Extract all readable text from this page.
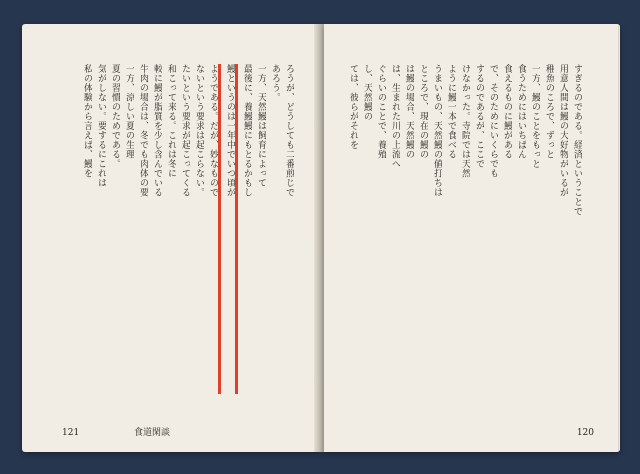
ろうが、どうしても二番煎じで
あろう。
一方、天然鰻は飼育によって
最後に、養鰻鰻にもとるかもし
鰻というのは一年中でいつ頃が
ようである。だが、妙なもので
ないという要求は起こらない。
たいという要求が起こってくる
和こって来る。これは冬に
較に鰻が脂質を少し含んでいる
牛肉の場合は、冬でも肉体の要
一方、涼しい夏の生理
夏の習慣のためである。
気がしない。要するにこれは
私の体験から言えば、鰻を
121	食道閑談
すぎるのである。経済ということで
用意人間は鰻の大好物がいるが
稚魚のころで、ずっと
一方、鰻のことをもっと
食うためにはいちばん
食えるものに鰻がある
で、そのためにいくらでも
するのであるが、ここで
けなかった。寺院では天然
ように鰻一本で食べる
うまいもの、天然鰻の値打ちは
ところで、現在の鰻の
は鰻の場合、天然鰻の
は、生まれた川の上流へ
ぐらいのことで、養殖
し、天然鰻の
ては、彼らがそれを
120
